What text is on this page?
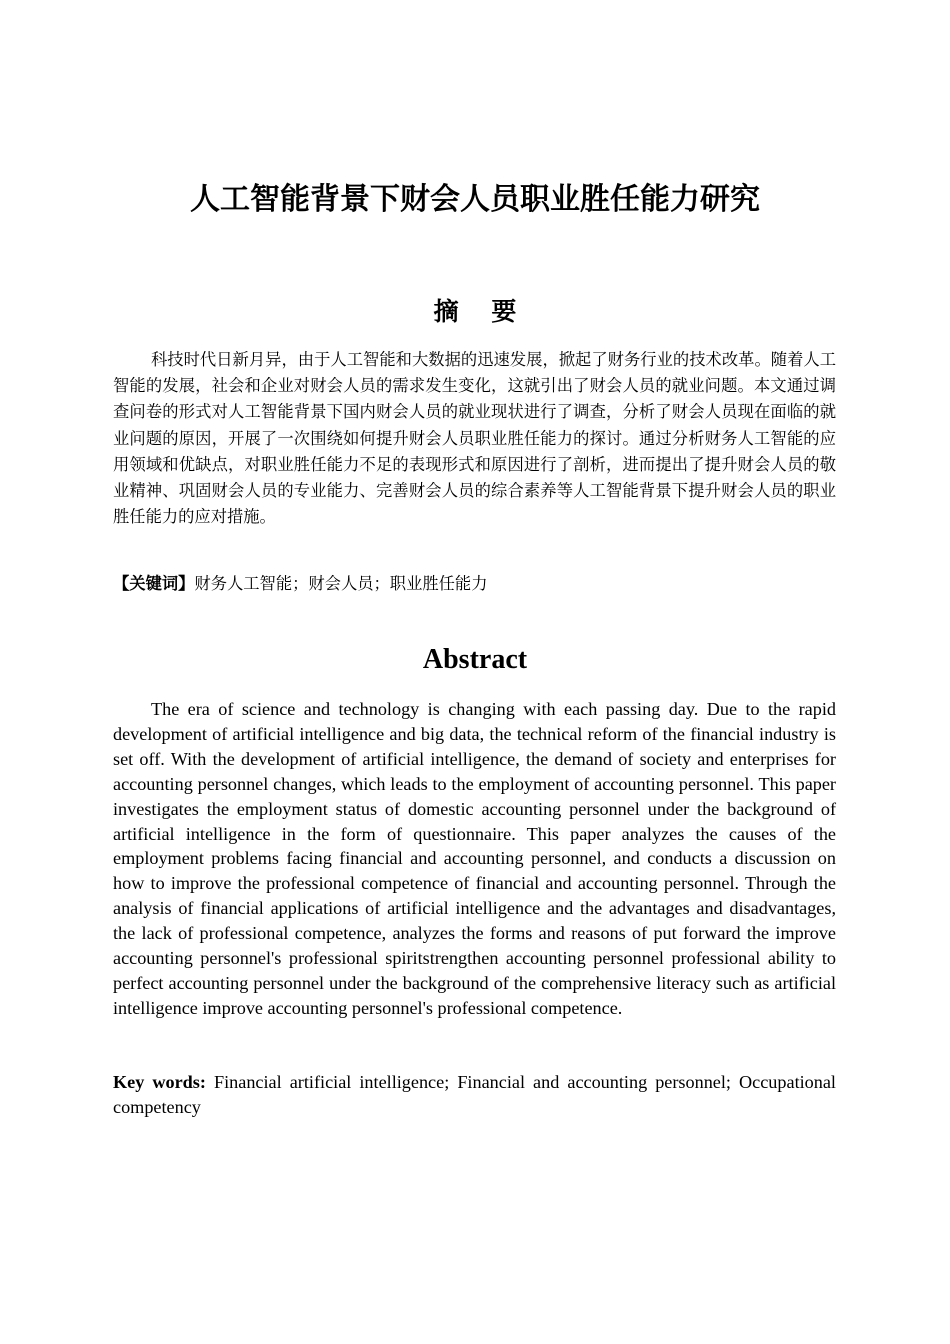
人工智能背景下财会人员职业胜任能力研究
摘 要

科技时代日新月异，由于人工智能和大数据的迅速发展，掀起了财务行业的技术改革。随着人工智能的发展，社会和企业对财会人员的需求发生变化，这就引出了财会人员的就业问题。本文通过调查问卷的形式对人工智能背景下国内财会人员的就业现状进行了调查，分析了财会人员现在面临的就业问题的原因，开展了一次围绕如何提升财会人员职业胜任能力的探讨。通过分析财务人工智能的应用领域和优缺点，对职业胜任能力不足的表现形式和原因进行了剖析，进而提出了提升财会人员的敬业精神、巩固财会人员的专业能力、完善财会人员的综合素养等人工智能背景下提升财会人员的职业胜任能力的应对措施。

【关键词】财务人工智能；财会人员；职业胜任能力

Abstract

The era of science and technology is changing with each passing day. Due to the rapid development of artificial intelligence and big data, the technical reform of the financial industry is set off. With the development of artificial intelligence, the demand of society and enterprises for accounting personnel changes, which leads to the employment of accounting personnel. This paper investigates the employment status of domestic accounting personnel under the background of artificial intelligence in the form of questionnaire. This paper analyzes the causes of the employment problems facing financial and accounting personnel, and conducts a discussion on how to improve the professional competence of financial and accounting personnel. Through the analysis of financial applications of artificial intelligence and the advantages and disadvantages, the lack of professional competence, analyzes the forms and reasons of put forward the improve accounting personnel's professional spiritstrengthen accounting personnel professional ability to perfect accounting personnel under the background of the comprehensive literacy such as artificial intelligence improve accounting personnel's professional competence.

Key words: Financial artificial intelligence; Financial and accounting personnel; Occupational competency
